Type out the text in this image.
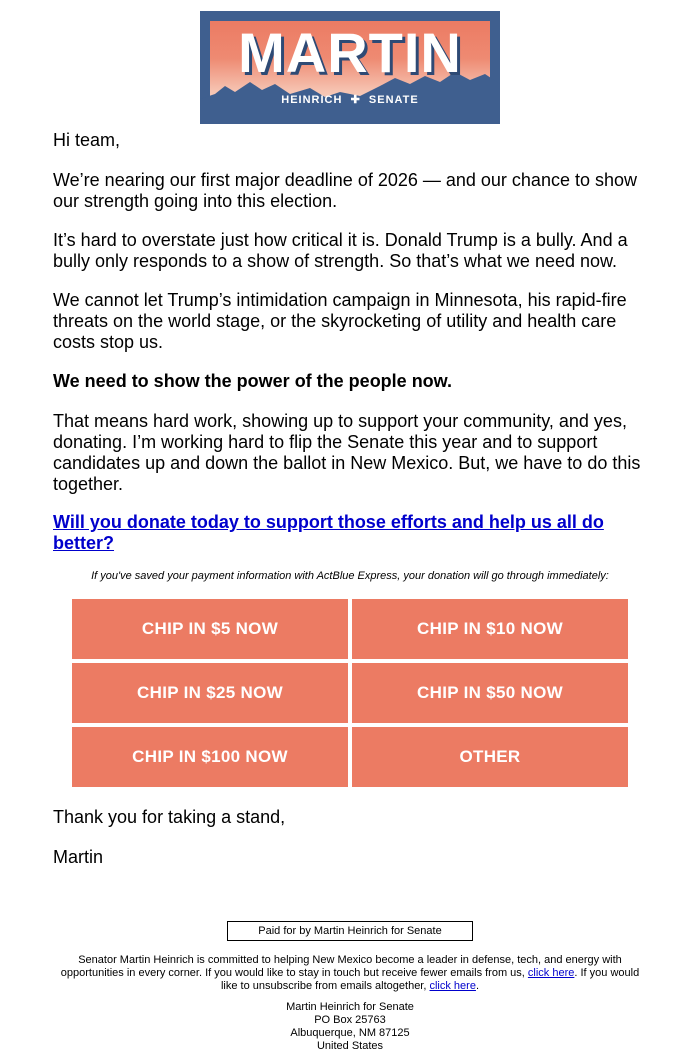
MARTIN
HEINRICH  ✚  SENATE

Hi team,

We’re nearing our first major deadline of 2026 — and our chance to show our strength going into this election.

It’s hard to overstate just how critical it is. Donald Trump is a bully. And a bully only responds to a show of strength. So that’s what we need now.

We cannot let Trump’s intimidation campaign in Minnesota, his rapid-fire threats on the world stage, or the skyrocketing of utility and health care costs stop us.

We need to show the power of the people now.

That means hard work, showing up to support your community, and yes, donating. I’m working hard to flip the Senate this year and to support candidates up and down the ballot in New Mexico. But, we have to do this together.

Will you donate today to support those efforts and help us all do better?

Thank you for taking a stand,

Martin

If you've saved your payment information with ActBlue Express, your donation will go through immediately:
CHIP IN $5 NOW	CHIP IN $10 NOW
CHIP IN $25 NOW	CHIP IN $50 NOW
CHIP IN $100 NOW	OTHER
Paid for by Martin Heinrich for Senate
Senator Martin Heinrich is committed to helping New Mexico become a leader in defense, tech, and energy with opportunities in every corner. If you would like to stay in touch but receive fewer emails from us, click here. If you would like to unsubscribe from emails altogether, click here.
Martin Heinrich for Senate
PO Box 25763
Albuquerque, NM 87125
United States
